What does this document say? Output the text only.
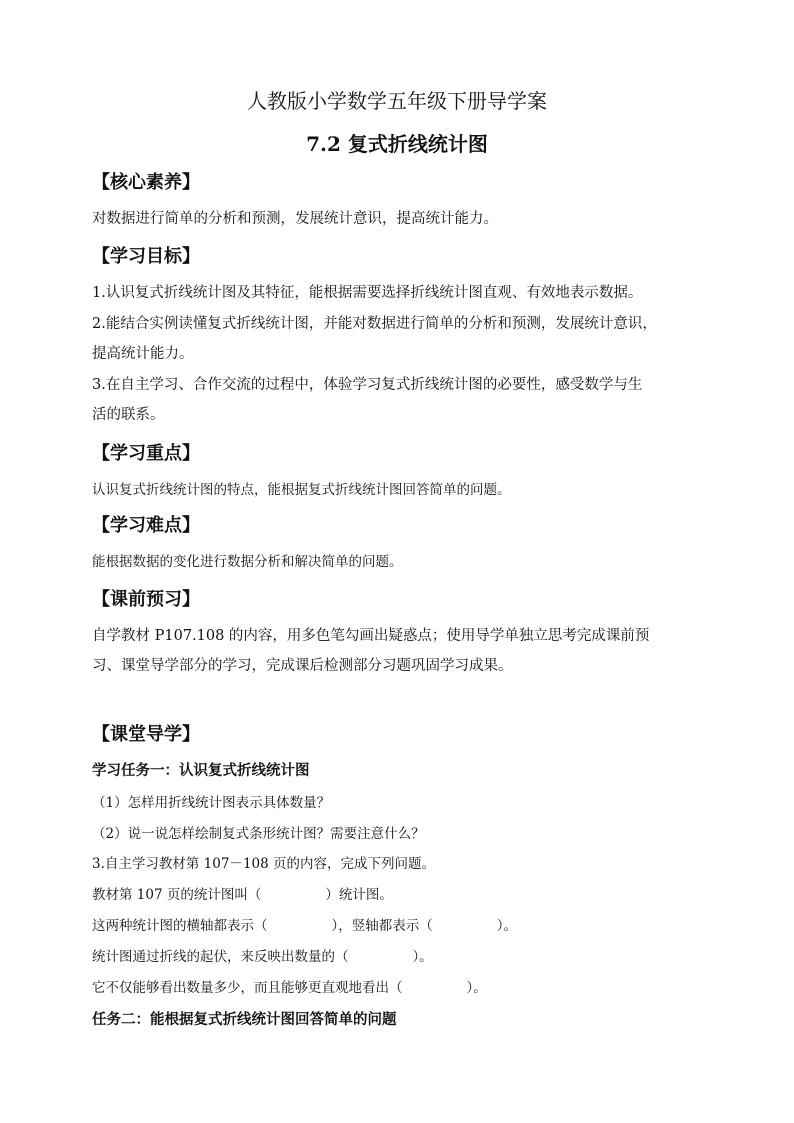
人教版小学数学五年级下册导学案
7.2 复式折线统计图
【核心素养】
对数据进行简单的分析和预测，发展统计意识，提高统计能力。
【学习目标】
1.认识复式折线统计图及其特征，能根据需要选择折线统计图直观、有效地表示数据。
2.能结合实例读懂复式折线统计图，并能对数据进行简单的分析和预测，发展统计意识，
提高统计能力。
3.在自主学习、合作交流的过程中，体验学习复式折线统计图的必要性，感受数学与生
活的联系。
【学习重点】
认识复式折线统计图的特点，能根据复式折线统计图回答简单的问题。
【学习难点】
能根据数据的变化进行数据分析和解决简单的问题。
【课前预习】
自学教材 P107.108 的内容，用多色笔勾画出疑惑点；使用导学单独立思考完成课前预
习、课堂导学部分的学习，完成课后检测部分习题巩固学习成果。
【课堂导学】
学习任务一：认识复式折线统计图
（1）怎样用折线统计图表示具体数量？
（2）说一说怎样绘制复式条形统计图？需要注意什么？
3.自主学习教材第 107－108 页的内容，完成下列问题。
教材第 107 页的统计图叫（	）统计图。
这两种统计图的横轴都表示（	），竖轴都表示（	）。
统计图通过折线的起伏，来反映出数量的（	）。
它不仅能够看出数量多少，而且能够更直观地看出（	）。
任务二：能根据复式折线统计图回答简单的问题
